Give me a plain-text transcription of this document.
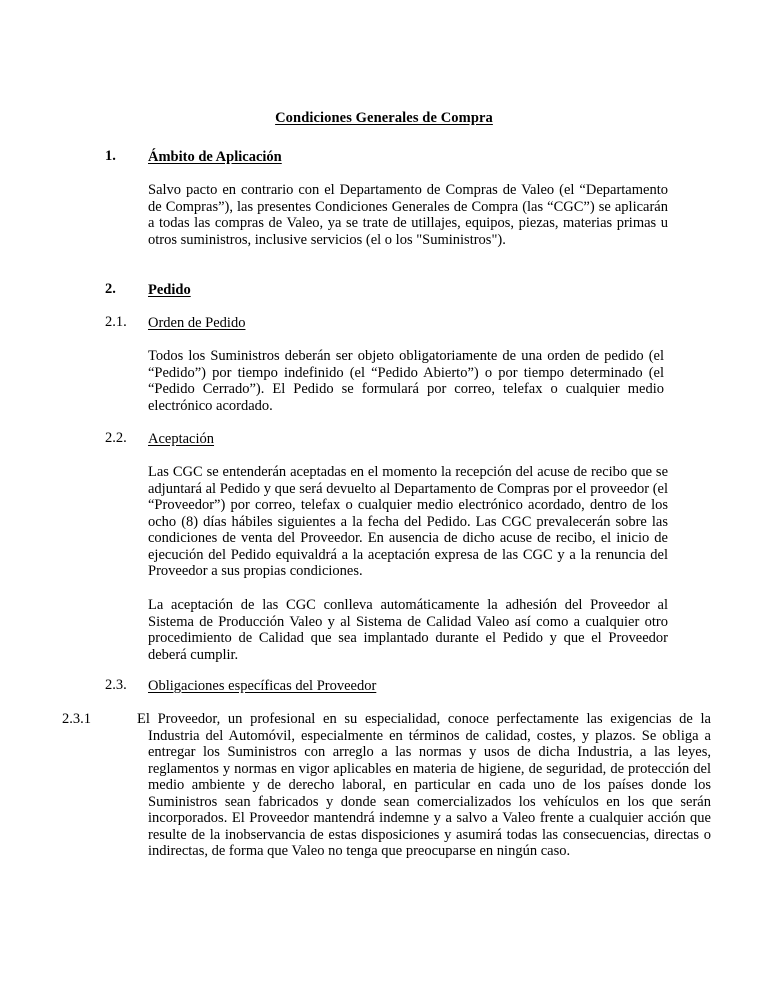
Condiciones Generales de Compra
1.	Ámbito de Aplicación
Salvo pacto en contrario con el Departamento de Compras de Valeo (el “Departamento de Compras”), las presentes Condiciones Generales de Compra (las “CGC”) se aplicarán a todas las compras de Valeo, ya se trate de utillajes, equipos, piezas, materias primas u otros suministros, inclusive servicios (el o los "Suministros").
2.	Pedido
2.1.	Orden de Pedido
Todos los Suministros deberán ser objeto obligatoriamente de una orden de pedido (el “Pedido”) por tiempo indefinido (el “Pedido Abierto”) o por tiempo determinado (el “Pedido Cerrado”). El Pedido se formulará por correo, telefax o cualquier medio electrónico acordado.
2.2.	Aceptación
Las CGC se entenderán aceptadas en el momento la recepción del acuse de recibo que se adjuntará al Pedido y que será devuelto al Departamento de Compras por el proveedor (el “Proveedor”) por correo, telefax o cualquier medio electrónico acordado, dentro de los ocho (8) días hábiles siguientes a la fecha del Pedido. Las CGC prevalecerán sobre las condiciones de venta del Proveedor. En ausencia de dicho acuse de recibo, el inicio de ejecución del Pedido equivaldrá a la aceptación expresa de las CGC y a la renuncia del Proveedor a sus propias condiciones.
La aceptación de las CGC conlleva automáticamente la adhesión del Proveedor al Sistema de Producción Valeo y al Sistema de Calidad Valeo así como a cualquier otro procedimiento de Calidad que sea implantado durante el Pedido y que el Proveedor deberá cumplir.
2.3.	Obligaciones específicas del Proveedor
2.3.1	El Proveedor, un profesional en su especialidad, conoce perfectamente las exigencias de la Industria del Automóvil, especialmente en términos de calidad, costes, y plazos. Se obliga a entregar los Suministros con arreglo a las normas y usos de dicha Industria, a las leyes, reglamentos y normas en vigor aplicables en materia de higiene, de seguridad, de protección del medio ambiente y de derecho laboral, en particular en cada uno de los países donde los Suministros sean fabricados y donde sean comercializados los vehículos en los que serán incorporados. El Proveedor mantendrá indemne y a salvo a Valeo frente a cualquier acción que resulte de la inobservancia de estas disposiciones y asumirá todas las consecuencias, directas o indirectas, de forma que Valeo no tenga que preocuparse en ningún caso.
